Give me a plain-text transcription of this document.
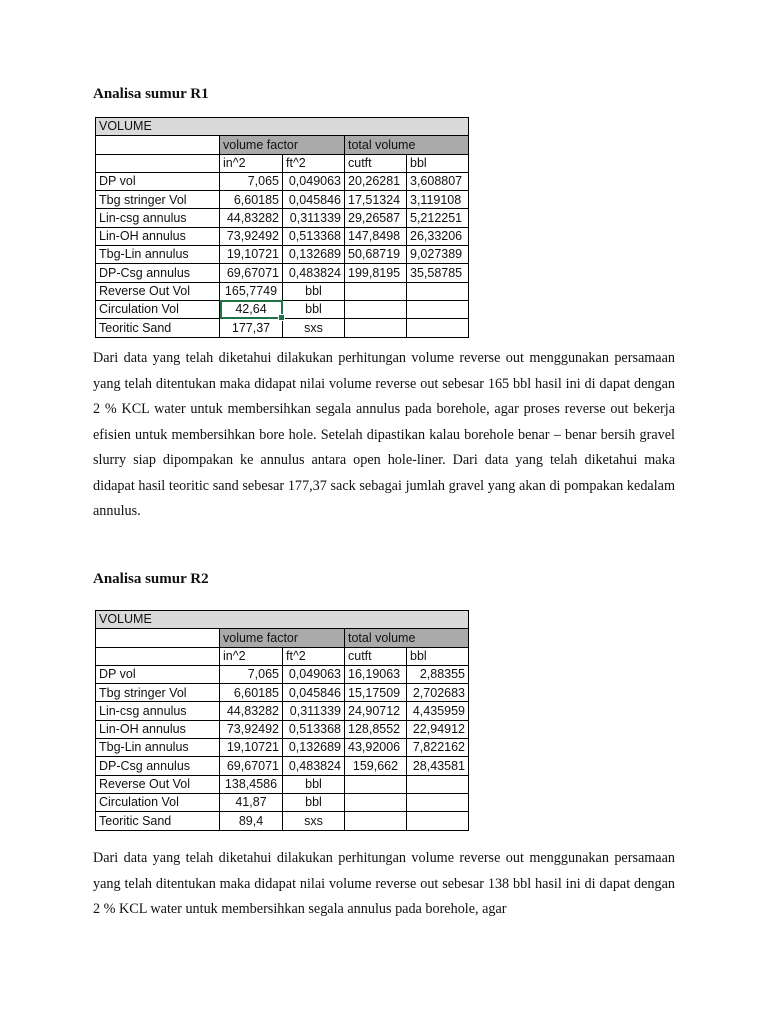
Analisa sumur R1
VOLUME				
	volume factor		total volume	
	in^2	ft^2	cutft	bbl
DP vol	7,065	0,049063	20,26281	3,608807
Tbg stringer Vol	6,60185	0,045846	17,51324	3,119108
Lin-csg annulus	44,83282	0,311339	29,26587	5,212251
Lin-OH annulus	73,92492	0,513368	147,8498	26,33206
Tbg-Lin annulus	19,10721	0,132689	50,68719	9,027389
DP-Csg annulus	69,67071	0,483824	199,8195	35,58785
Reverse Out Vol	165,7749	bbl		
Circulation Vol	42,64	bbl		
Teoritic Sand	177,37	sxs		

Dari data yang telah diketahui dilakukan perhitungan volume reverse out menggunakan persamaan yang telah ditentukan maka didapat nilai volume reverse out sebesar 165 bbl hasil ini di dapat dengan 2 % KCL water untuk membersihkan segala annulus pada borehole, agar proses reverse out bekerja efisien untuk membersihkan bore hole. Setelah dipastikan kalau borehole benar – benar bersih gravel slurry siap dipompakan ke annulus antara open hole-liner. Dari data yang telah diketahui maka didapat hasil teoritic sand sebesar 177,37 sack sebagai jumlah gravel yang akan di pompakan kedalam annulus.

Analisa sumur R2
VOLUME				
	volume factor		total volume	
	in^2	ft^2	cutft	bbl
DP vol	7,065	0,049063	16,19063	2,88355
Tbg stringer Vol	6,60185	0,045846	15,17509	2,702683
Lin-csg annulus	44,83282	0,311339	24,90712	4,435959
Lin-OH annulus	73,92492	0,513368	128,8552	22,94912
Tbg-Lin annulus	19,10721	0,132689	43,92006	7,822162
DP-Csg annulus	69,67071	0,483824	159,662	28,43581
Reverse Out Vol	138,4586	bbl		
Circulation Vol	41,87	bbl		
Teoritic Sand	89,4	sxs		

Dari data yang telah diketahui dilakukan perhitungan volume reverse out menggunakan persamaan yang telah ditentukan maka didapat nilai volume reverse out sebesar 138 bbl hasil ini di dapat dengan 2 % KCL water untuk membersihkan segala annulus pada borehole, agar
